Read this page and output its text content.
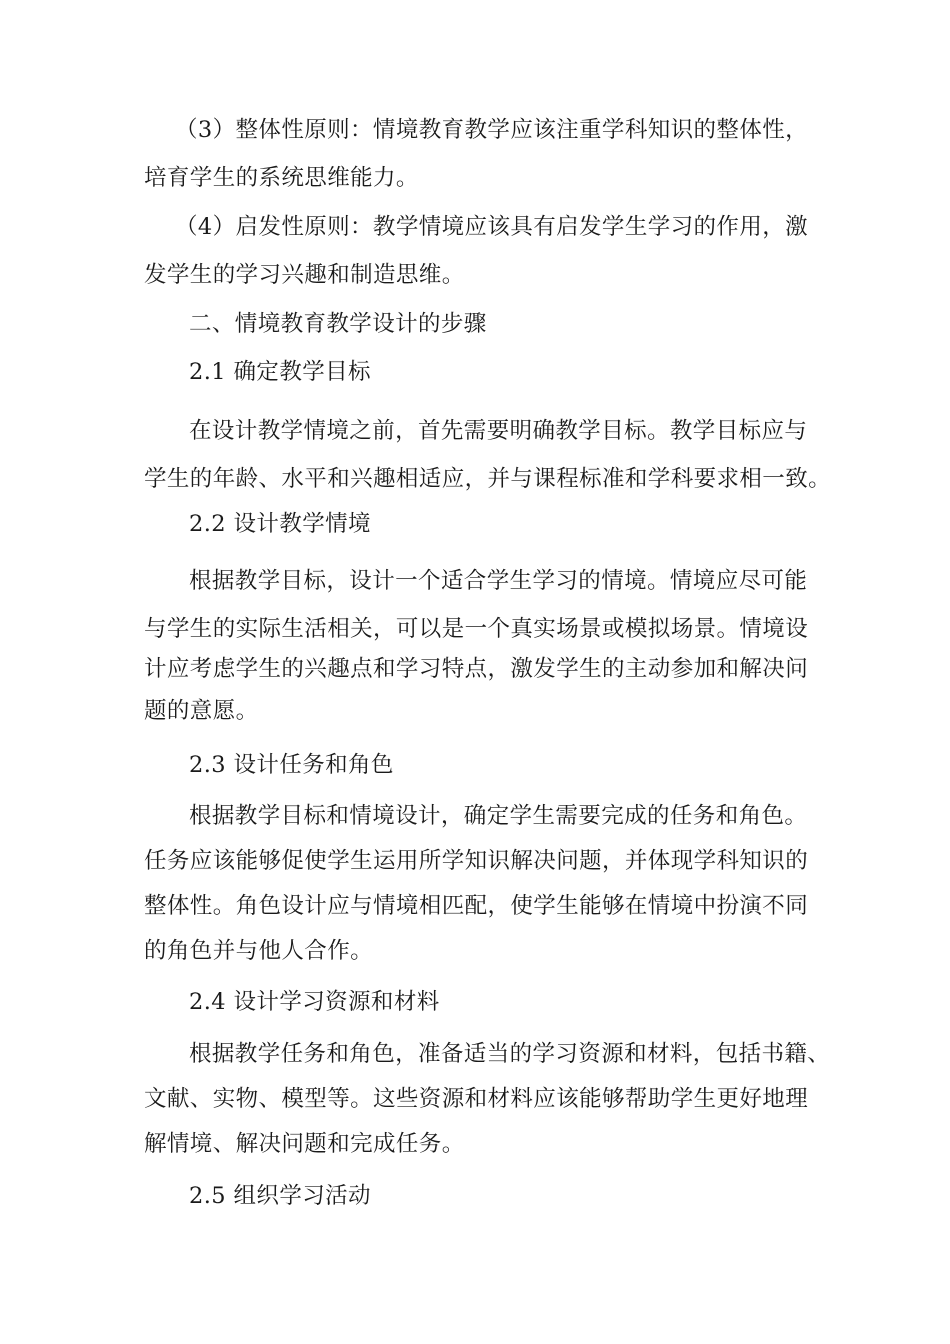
（3）整体性原则：情境教育教学应该注重学科知识的整体性，
培育学生的系统思维能力。
（4）启发性原则：教学情境应该具有启发学生学习的作用，激
发学生的学习兴趣和制造思维。
二、情境教育教学设计的步骤
2.1 确定教学目标
在设计教学情境之前，首先需要明确教学目标。教学目标应与
学生的年龄、水平和兴趣相适应，并与课程标准和学科要求相一致。
2.2 设计教学情境
根据教学目标，设计一个适合学生学习的情境。情境应尽可能
与学生的实际生活相关，可以是一个真实场景或模拟场景。情境设
计应考虑学生的兴趣点和学习特点，激发学生的主动参加和解决问
题的意愿。
2.3 设计任务和角色
根据教学目标和情境设计，确定学生需要完成的任务和角色。
任务应该能够促使学生运用所学知识解决问题，并体现学科知识的
整体性。角色设计应与情境相匹配，使学生能够在情境中扮演不同
的角色并与他人合作。
2.4 设计学习资源和材料
根据教学任务和角色，准备适当的学习资源和材料，包括书籍、
文献、实物、模型等。这些资源和材料应该能够帮助学生更好地理
解情境、解决问题和完成任务。
2.5 组织学习活动
